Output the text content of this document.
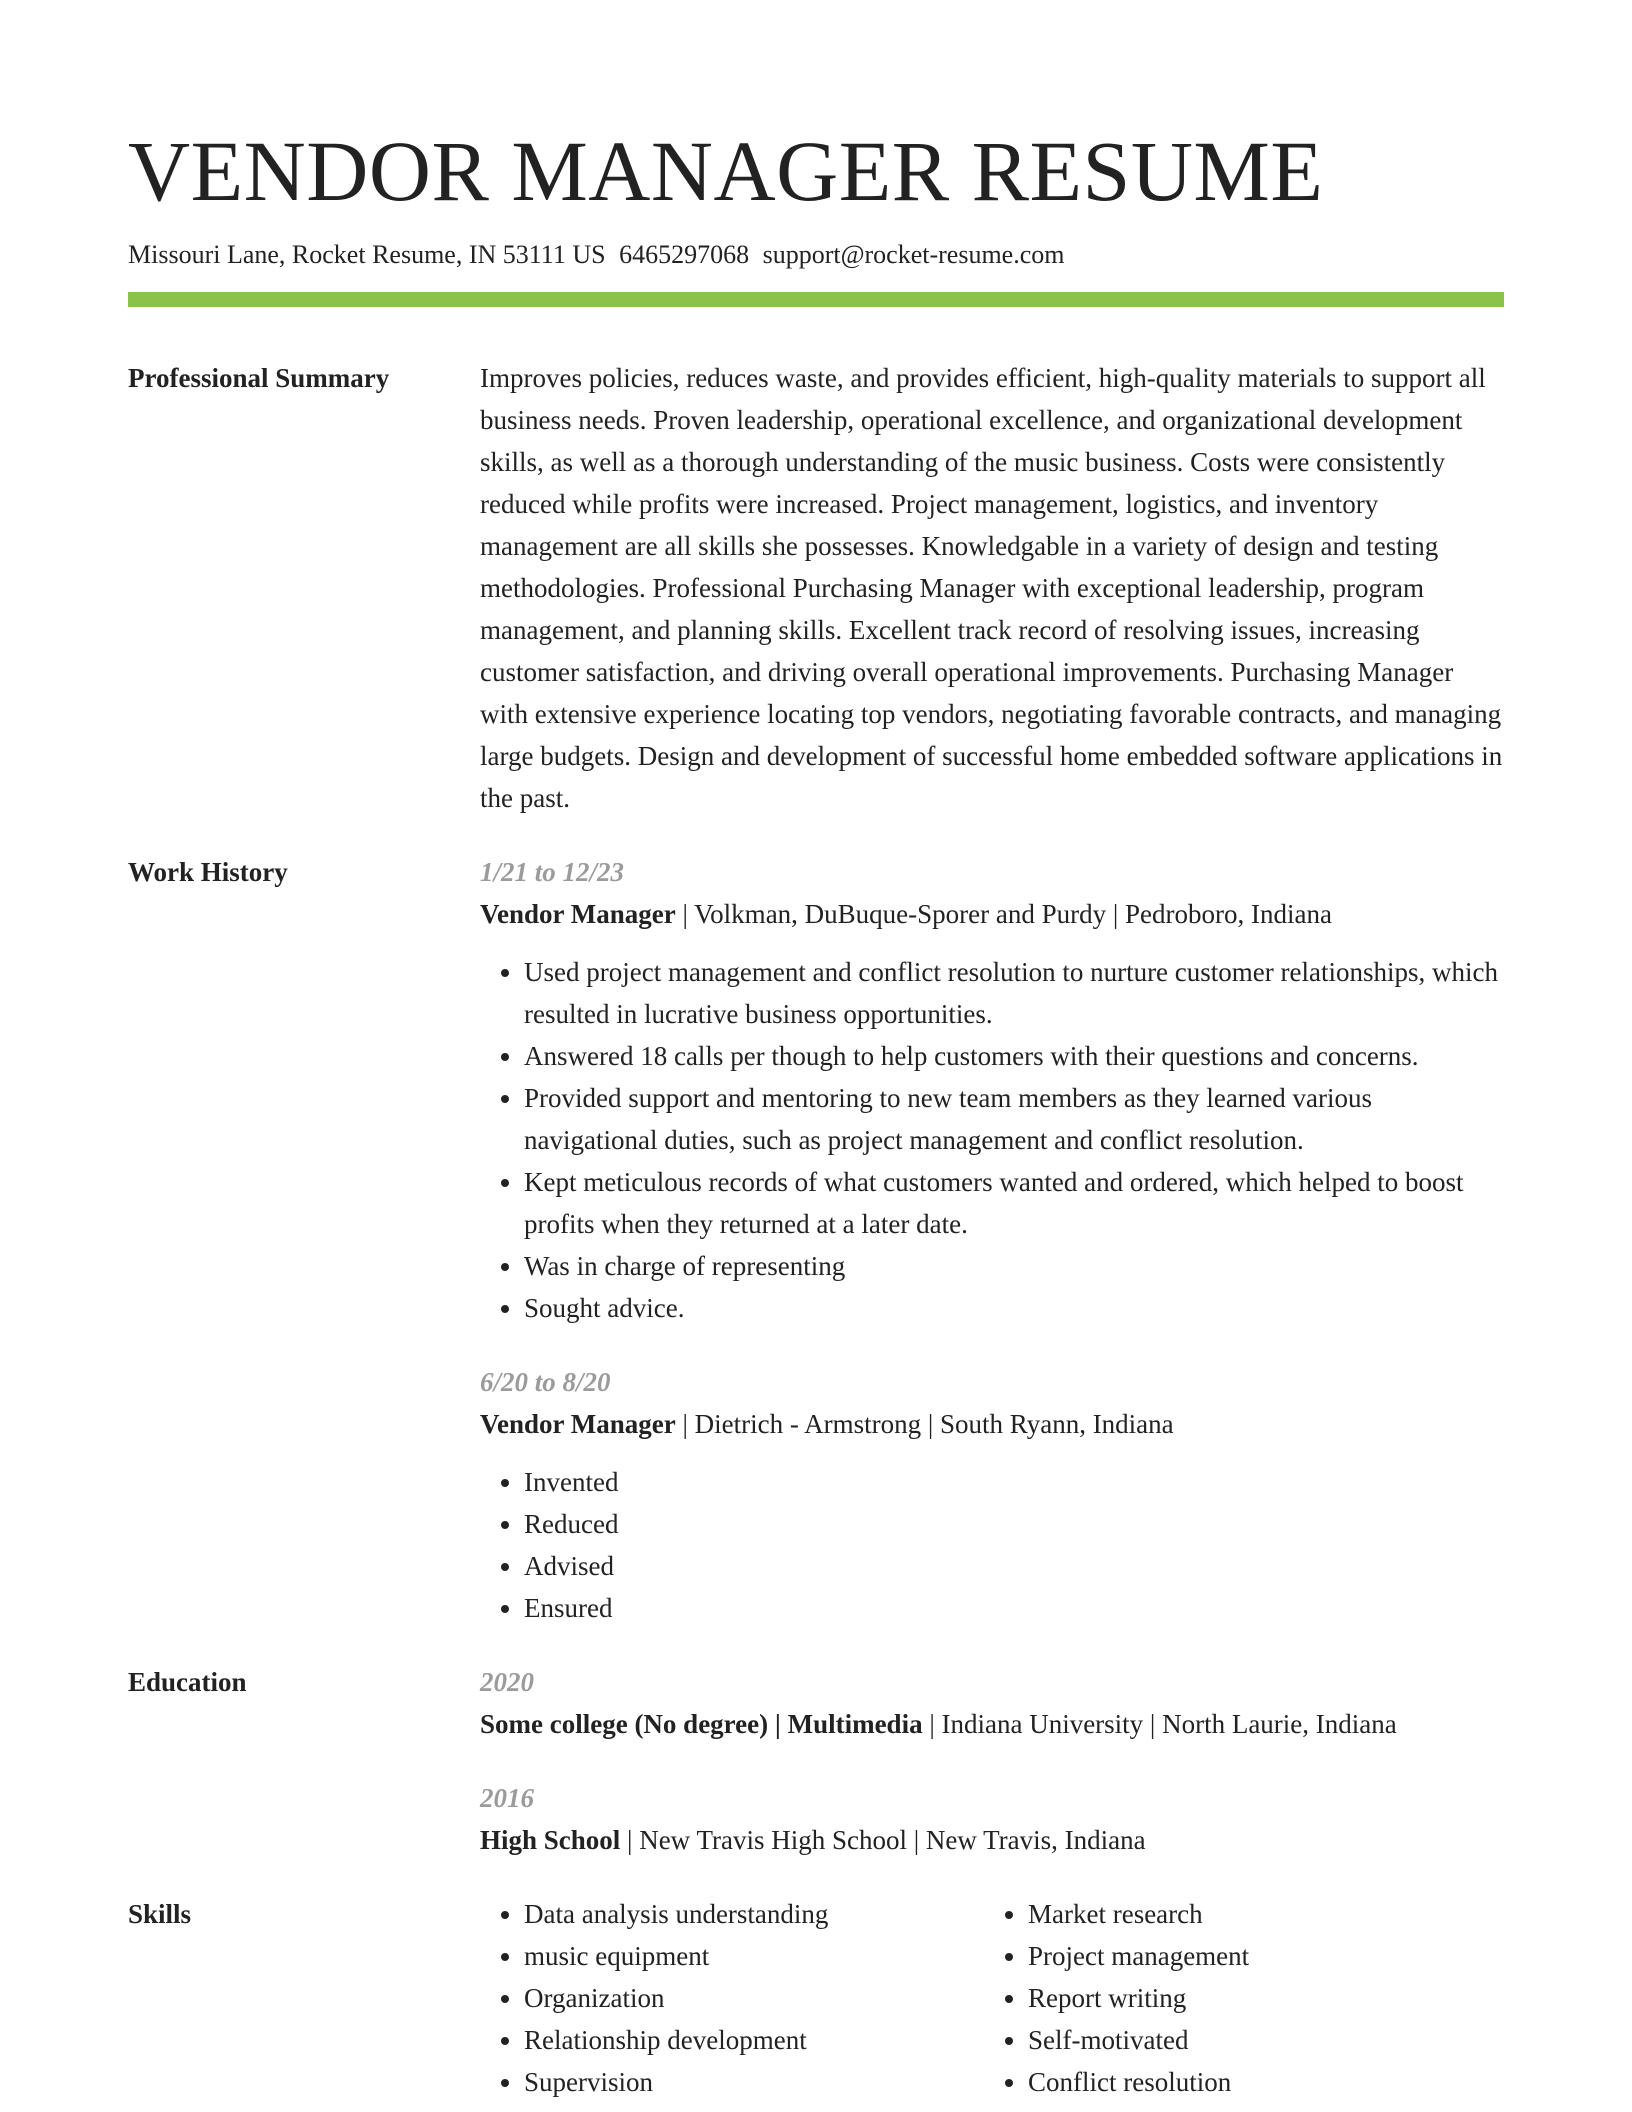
VENDOR MANAGER RESUME
Missouri Lane, Rocket Resume, IN 53111 US 6465297068 support@rocket-resume.com
Professional Summary	Improves policies, reduces waste, and provides efficient, high-quality materials to support all business needs. Proven leadership, operational excellence, and organizational development skills, as well as a thorough understanding of the music business. Costs were consistently reduced while profits were increased. Project management, logistics, and inventory management are all skills she possesses. Knowledgable in a variety of design and testing methodologies. Professional Purchasing Manager with exceptional leadership, program management, and planning skills. Excellent track record of resolving issues, increasing customer satisfaction, and driving overall operational improvements. Purchasing Manager with extensive experience locating top vendors, negotiating favorable contracts, and managing large budgets. Design and development of successful home embedded software applications in the past.

Work History	1/21 to 12/23
Vendor Manager | Volkman, DuBuque-Sporer and Purdy | Pedroboro, Indiana
• Used project management and conflict resolution to nurture customer relationships, which resulted in lucrative business opportunities.
• Answered 18 calls per though to help customers with their questions and concerns.
• Provided support and mentoring to new team members as they learned various navigational duties, such as project management and conflict resolution.
• Kept meticulous records of what customers wanted and ordered, which helped to boost profits when they returned at a later date.
• Was in charge of representing
• Sought advice.
6/20 to 8/20
Vendor Manager | Dietrich - Armstrong | South Ryann, Indiana
• Invented
• Reduced
• Advised
• Ensured
Education	2020
Some college (No degree) | Multimedia | Indiana University | North Laurie, Indiana
2016
High School | New Travis High School | New Travis, Indiana
Skills
•	Data analysis understanding
• music equipment
• Organization
• Relationship development
• Supervision
• Market research
• Project management
• Report writing
• Self-motivated
• Conflict resolution
